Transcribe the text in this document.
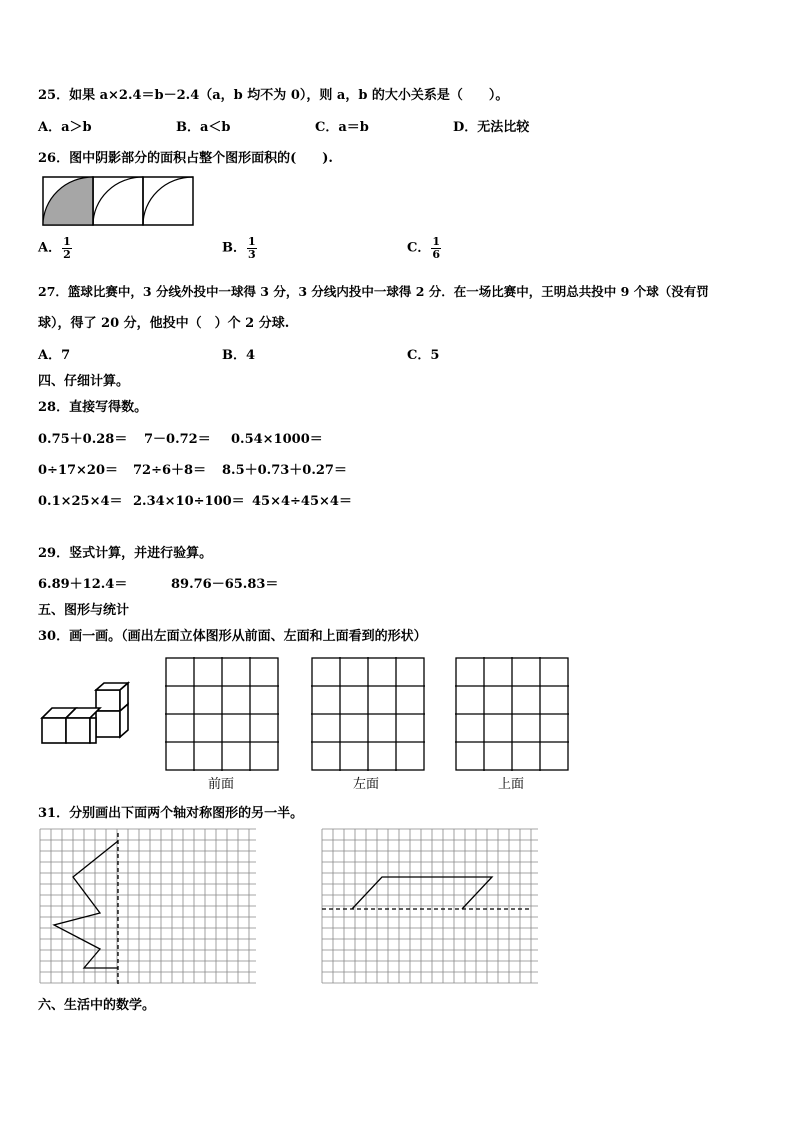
25．如果 a×2.4＝b－2.4（a，b 均不为 0），则 a，b 的大小关系是（　　）。
A．a＞b	B．a＜b	C．a＝b	D．无法比较
26．图中阴影部分的面积占整个图形面积的(　　).
A． $\frac{1}{2}$	B． $\frac{1}{3}$	C． $\frac{1}{6}$
27．篮球比赛中，3 分线外投中一球得 3 分，3 分线内投中一球得 2 分．在一场比赛中，王明总共投中 9 个球（没有罚
球），得了 20 分，他投中（　）个 2 分球.
A．7	B．4	C．5
四、仔细计算。
28．直接写得数。
0.75＋0.28＝ 7－0.72＝ 0.54×1000＝
0÷17×20＝ 72÷6＋8＝ 8.5＋0.73＋0.27＝
0.1×25×4＝ 2.34×10÷100＝ 45×4÷45×4＝
29．竖式计算，并进行验算。
6.89＋12.4＝	89.76－65.83＝
五、图形与统计
30．画一画。（画出左面立体图形从前面、左面和上面看到的形状）
前面	左面	上面
31．分别画出下面两个轴对称图形的另一半。
六、生活中的数学。
